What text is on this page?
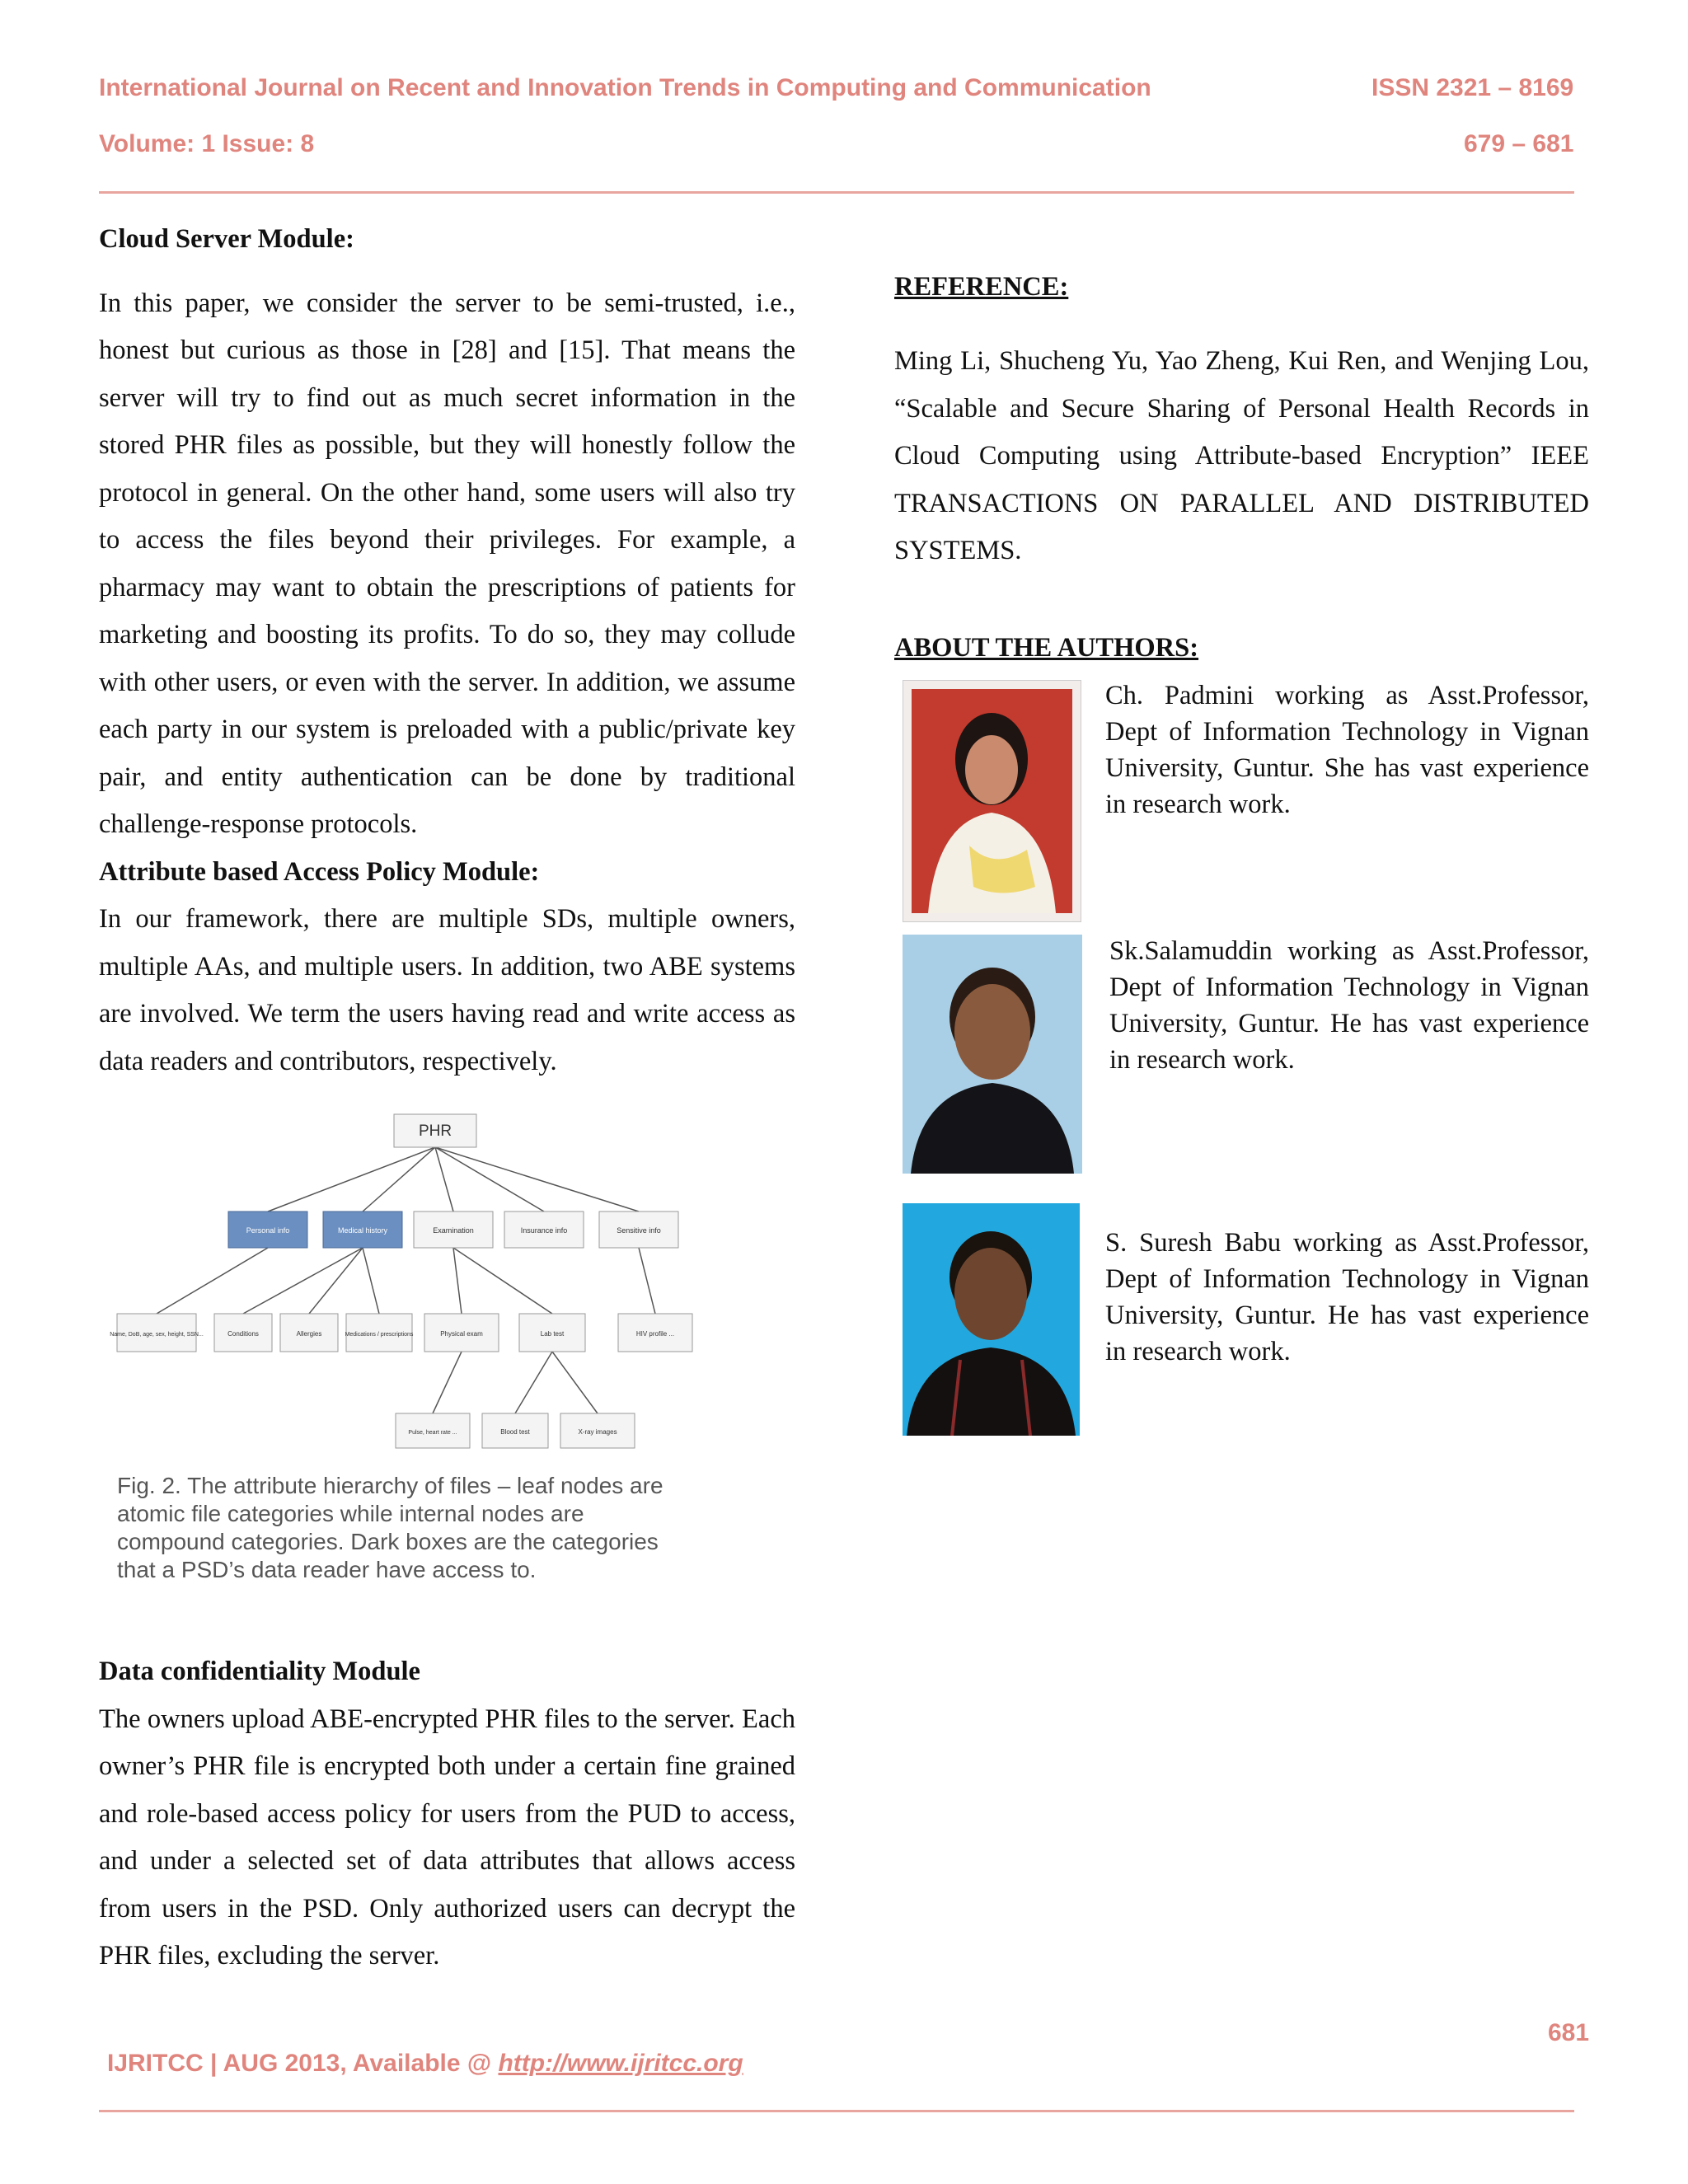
International Journal on Recent and Innovation Trends in Computing and Communication	ISSN 2321 – 8169
Volume: 1 Issue: 8	679 – 681

Cloud Server Module:

In this paper, we consider the server to be semi-trusted, i.e., honest but curious as those in [28] and [15]. That means the server will try to find out as much secret information in the stored PHR files as possible, but they will honestly follow the protocol in general. On the other hand, some users will also try to access the files beyond their privileges. For example, a pharmacy may want to obtain the prescriptions of patients for marketing and boosting its profits. To do so, they may collude with other users, or even with the server. In addition, we assume each party in our system is preloaded with a public/private key pair, and entity authentication can be done by traditional challenge-response protocols.

Attribute based Access Policy Module:

In our framework, there are multiple SDs, multiple owners, multiple AAs, and multiple users. In addition, two ABE systems are involved. We term the users having read and write access as data readers and contributors, respectively.

PHR
Personal info	Medical history	Examination	Insurance info	Sensitive info
Name, DoB, age, sex, height, SSN...	Conditions	Allergies	Medications / prescriptions	Physical exam	Lab test	HIV profile ...
Pulse, heart rate ...	Blood test	X-ray images
Fig. 2. The attribute hierarchy of files – leaf nodes are atomic file categories while internal nodes are compound categories. Dark boxes are the categories that a PSD’s data reader have access to.

Data confidentiality Module

The owners upload ABE-encrypted PHR files to the server. Each owner’s PHR file is encrypted both under a certain fine grained and role-based access policy for users from the PUD to access, and under a selected set of data attributes that allows access from users in the PSD. Only authorized users can decrypt the PHR files, excluding the server.

REFERENCE:
Ming Li, Shucheng Yu, Yao Zheng, Kui Ren, and Wenjing Lou, “Scalable and Secure Sharing of Personal Health Records in Cloud Computing using Attribute-based Encryption” IEEE TRANSACTIONS ON PARALLEL AND DISTRIBUTED SYSTEMS.
ABOUT THE AUTHORS:
Ch. Padmini working as Asst.Professor, Dept of Information Technology in Vignan University, Guntur. She has vast experience in research work.
Sk.Salamuddin working as Asst.Professor, Dept of Information Technology in Vignan University, Guntur. He has vast experience in research work.
S. Suresh Babu working as Asst.Professor, Dept of Information Technology in Vignan University, Guntur. He has vast experience in research work.
681
IJRITCC | AUG 2013, Available @ http://www.ijritcc.org
